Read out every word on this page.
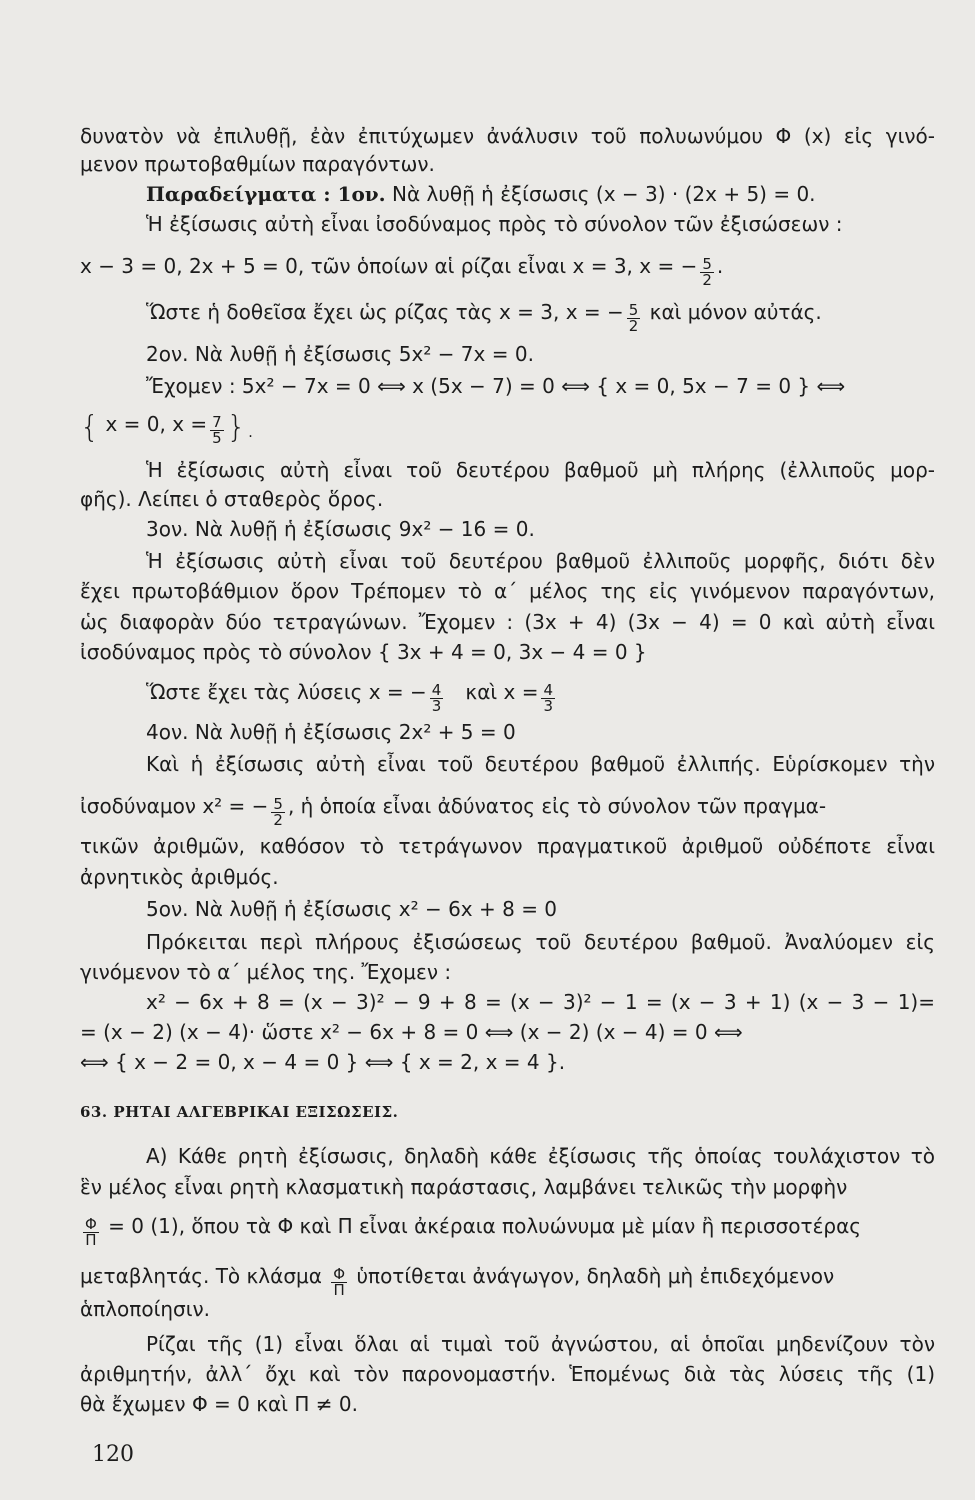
δυνατὸν νὰ ἐπιλυθῇ, ἐὰν ἐπιτύχωμεν ἀνάλυσιν τοῦ πολυωνύμου Φ (x) εἰς γινό-
μενον πρωτοβαθμίων παραγόντων.
Παραδείγματα : 1ον. Νὰ λυθῇ ἡ ἐξίσωσις (x − 3) · (2x + 5) = 0.
Ἡ ἐξίσωσις αὐτὴ εἶναι ἰσοδύναμος πρὸς τὸ σύνολον τῶν ἐξισώσεων :
x − 3 = 0, 2x + 5 = 0, τῶν ὁποίων αἱ ρίζαι εἶναι x = 3, x = − $\frac{5}{2}$ .
Ὥστε ἡ δοθεῖσα ἔχει ὡς ρίζας τὰς x = 3, x = − $\frac{5}{2}$ καὶ μόνον αὐτάς.
2ον. Νὰ λυθῇ ἡ ἐξίσωσις 5x² − 7x = 0.
Ἔχομεν : 5x² − 7x = 0 ⟺ x (5x − 7) = 0 ⟺ { x = 0, 5x − 7 = 0 } ⟺
{ x = 0, $x = \frac{7}{5}$ }.
Ἡ ἐξίσωσις αὐτὴ εἶναι τοῦ δευτέρου βαθμοῦ μὴ πλήρης (ἐλλιποῦς μορ-
φῆς). Λείπει ὁ σταθερὸς ὅρος.
3ον. Νὰ λυθῇ ἡ ἐξίσωσις 9x² − 16 = 0.
Ἡ ἐξίσωσις αὐτὴ εἶναι τοῦ δευτέρου βαθμοῦ ἐλλιποῦς μορφῆς, διότι δὲν
ἔχει πρωτοβάθμιον ὅρον Τρέπομεν τὸ α΄ μέλος της εἰς γινόμενον παραγόντων,
ὡς διαφορὰν δύο τετραγώνων. Ἔχομεν : (3x + 4) (3x − 4) = 0 καὶ αὐτὴ εἶναι
ἰσοδύναμος πρὸς τὸ σύνολον { 3x + 4 = 0, 3x − 4 = 0 }
Ὥστε ἔχει τὰς λύσεις x = − $\frac{4}{3}$ καὶ $x = \frac{4}{3}$
4ον. Νὰ λυθῇ ἡ ἐξίσωσις 2x² + 5 = 0
Καὶ ἡ ἐξίσωσις αὐτὴ εἶναι τοῦ δευτέρου βαθμοῦ ἐλλιπής. Εὑρίσκομεν τὴν
ἰσοδύναμον x² = − $\frac{5}{2}$ , ἡ ὁποία εἶναι ἀδύνατος εἰς τὸ σύνολον τῶν πραγμα-
τικῶν ἀριθμῶν, καθόσον τὸ τετράγωνον πραγματικοῦ ἀριθμοῦ οὐδέποτε εἶναι
ἀρνητικὸς ἀριθμός.
5ον. Νὰ λυθῇ ἡ ἐξίσωσις x² − 6x + 8 = 0
Πρόκειται περὶ πλήρους ἐξισώσεως τοῦ δευτέρου βαθμοῦ. Ἀναλύομεν εἰς
γινόμενον τὸ α΄ μέλος της. Ἔχομεν :
x² − 6x + 8 = (x − 3)² − 9 + 8 = (x − 3)² − 1 = (x − 3 + 1) (x − 3 − 1)=
= (x − 2) (x − 4)· ὥστε x² − 6x + 8 = 0 ⟺ (x − 2) (x − 4) = 0 ⟺
⟺ { x − 2 = 0, x − 4 = 0 } ⟺ { x = 2, x = 4 }.
63. ΡΗΤΑΙ ΑΛΓΕΒΡΙΚΑΙ ΕΞΙΣΩΣΕΙΣ.
Α) Κάθε ρητὴ ἐξίσωσις, δηλαδὴ κάθε ἐξίσωσις τῆς ὁποίας τουλάχιστον τὸ
ἓν μέλος εἶναι ρητὴ κλασματικὴ παράστασις, λαμβάνει τελικῶς τὴν μορφὴν
$\frac{\Phi}{\Pi} = 0$ (1), ὅπου τὰ Φ καὶ Π εἶναι ἀκέραια πολυώνυμα μὲ μίαν ἢ περισσοτέρας
μεταβλητάς. Τὸ κλάσμα $\frac{\Phi}{\Pi}$ ὑποτίθεται ἀνάγωγον, δηλαδὴ μὴ ἐπιδεχόμενον
ἁπλοποίησιν.
Ρίζαι τῆς (1) εἶναι ὅλαι αἱ τιμαὶ τοῦ ἀγνώστου, αἱ ὁποῖαι μηδενίζουν τὸν
ἀριθμητήν, ἀλλ΄ ὄχι καὶ τὸν παρονομαστήν. Ἑπομένως διὰ τὰς λύσεις τῆς (1)
θὰ ἔχωμεν Φ = 0 καὶ Π ≠ 0.
120
